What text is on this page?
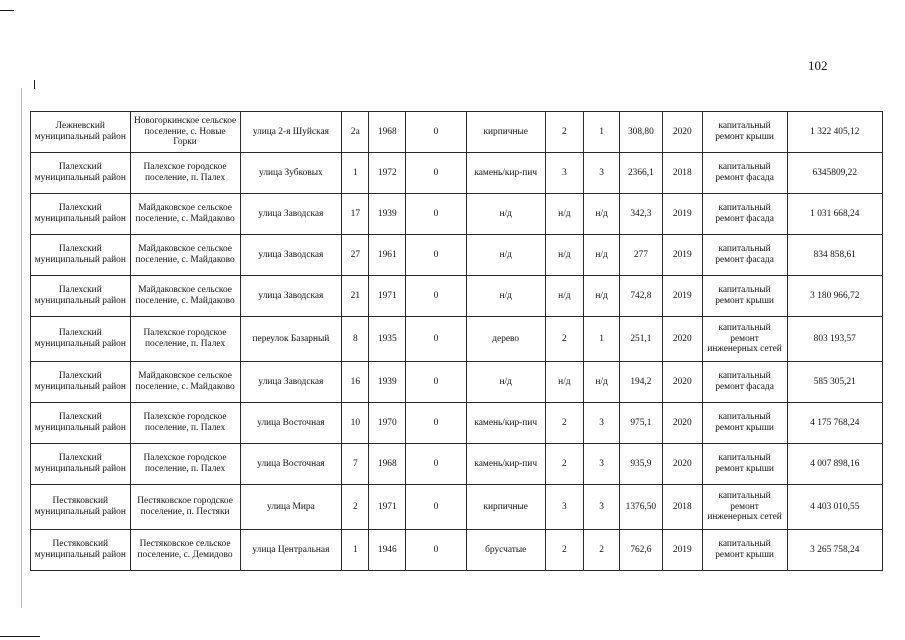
102
Лежневский муниципальный район	Новогоркинское сельское поселение, с. Новые Горки	улица 2-я Шуйская	2а	1968	0	кирпичные	2	1	308,80	2020	капитальный ремонт крыши	1 322 405,12
Палехский муниципальный район	Палехское городское поселение, п. Палех	улица Зубковых	1	1972	0	камень/кир-пич	3	3	2366,1	2018	капитальный ремонт фасада	6345809,22
Палехский муниципальный район	Майдаковское сельское поселение, с. Майдаково	улица Заводская	17	1939	0	н/д	н/д	н/д	342,3	2019	капитальный ремонт фасада	1 031 668,24
Палехский муниципальный район	Майдаковское сельское поселение, с. Майдаково	улица Заводская	27	1961	0	н/д	н/д	н/д	277	2019	капитальный ремонт фасада	834 858,61
Палехский муниципальный район	Майдаковское сельское поселение, с. Майдаково	улица Заводская	21	1971	0	н/д	н/д	н/д	742,8	2019	капитальный ремонт крыши	3 180 966,72
Палехский муниципальный район	Палехское городское поселение, п. Палех	переулок Базарный	8	1935	0	дерево	2	1	251,1	2020	капитальный ремонт инженерных сетей	803 193,57
Палехский муниципальный район	Майдаковское сельское поселение, с. Майдаково	улица Заводская	16	1939	0	н/д	н/д	н/д	194,2	2020	капитальный ремонт фасада	585 305,21
Палехский муниципальный район	Палехское городское поселение, п. Палех	улица Восточная	10	1970	0	камень/кир-пич	2	3	975,1	2020	капитальный ремонт крыши	4 175 768,24
Палехский муниципальный район	Палехское городское поселение, п. Палех	улица Восточная	7	1968	0	камень/кир-пич	2	3	935,9	2020	капитальный ремонт крыши	4 007 898,16
Пестяковский муниципальный район	Пестяковское городское поселение, п. Пестяки	улица Мира	2	1971	0	кирпичные	3	3	1376,50	2018	капитальный ремонт инженерных сетей	4 403 010,55
Пестяковский муниципальный район	Пестяковское сельское поселение, с. Демидово	улица Центральная	1	1946	0	брусчатые	2	2	762,6	2019	капитальный ремонт крыши	3 265 758,24
